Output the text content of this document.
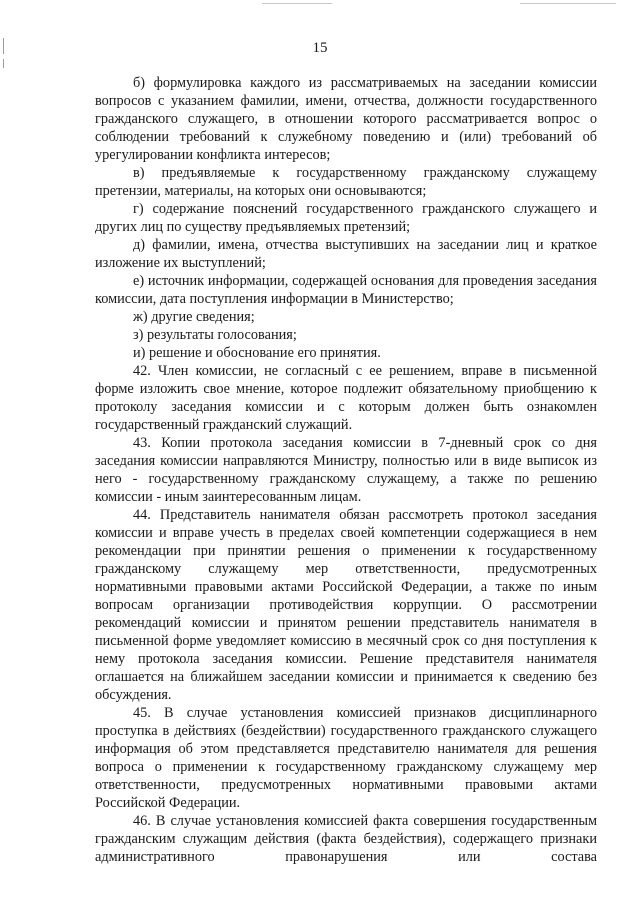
15

б) формулировка каждого из рассматриваемых на заседании комиссии вопросов с указанием фамилии, имени, отчества, должности государственного гражданского служащего, в отношении которого рассматривается вопрос о соблюдении требований к служебному поведению и (или) требований об урегулировании конфликта интересов;

в) предъявляемые к государственному гражданскому служащему претензии, материалы, на которых они основываются;

г) содержание пояснений государственного гражданского служащего и других лиц по существу предъявляемых претензий;

д) фамилии, имена, отчества выступивших на заседании лиц и краткое изложение их выступлений;

е) источник информации, содержащей основания для проведения заседания комиссии, дата поступления информации в Министерство;

ж) другие сведения;

з) результаты голосования;

и) решение и обоснование его принятия.

42. Член комиссии, не согласный с ее решением, вправе в письменной форме изложить свое мнение, которое подлежит обязательному приобщению к протоколу заседания комиссии и с которым должен быть ознакомлен государственный гражданский служащий.

43. Копии протокола заседания комиссии в 7-дневный срок со дня заседания комиссии направляются Министру, полностью или в виде выписок из него - государственному гражданскому служащему, а также по решению комиссии - иным заинтересованным лицам.

44. Представитель нанимателя обязан рассмотреть протокол заседания комиссии и вправе учесть в пределах своей компетенции содержащиеся в нем рекомендации при принятии решения о применении к государственному гражданскому служащему мер ответственности, предусмотренных нормативными правовыми актами Российской Федерации, а также по иным вопросам организации противодействия коррупции. О рассмотрении рекомендаций комиссии и принятом решении представитель нанимателя в письменной форме уведомляет комиссию в месячный срок со дня поступления к нему протокола заседания комиссии. Решение представителя нанимателя оглашается на ближайшем заседании комиссии и принимается к сведению без обсуждения.

45. В случае установления комиссией признаков дисциплинарного проступка в действиях (бездействии) государственного гражданского служащего информация об этом представляется представителю нанимателя для решения вопроса о применении к государственному гражданскому служащему мер ответственности, предусмотренных нормативными правовыми актами Российской Федерации.

46. В случае установления комиссией факта совершения государственным гражданским служащим действия (факта бездействия), содержащего признаки административного правонарушения или состава
